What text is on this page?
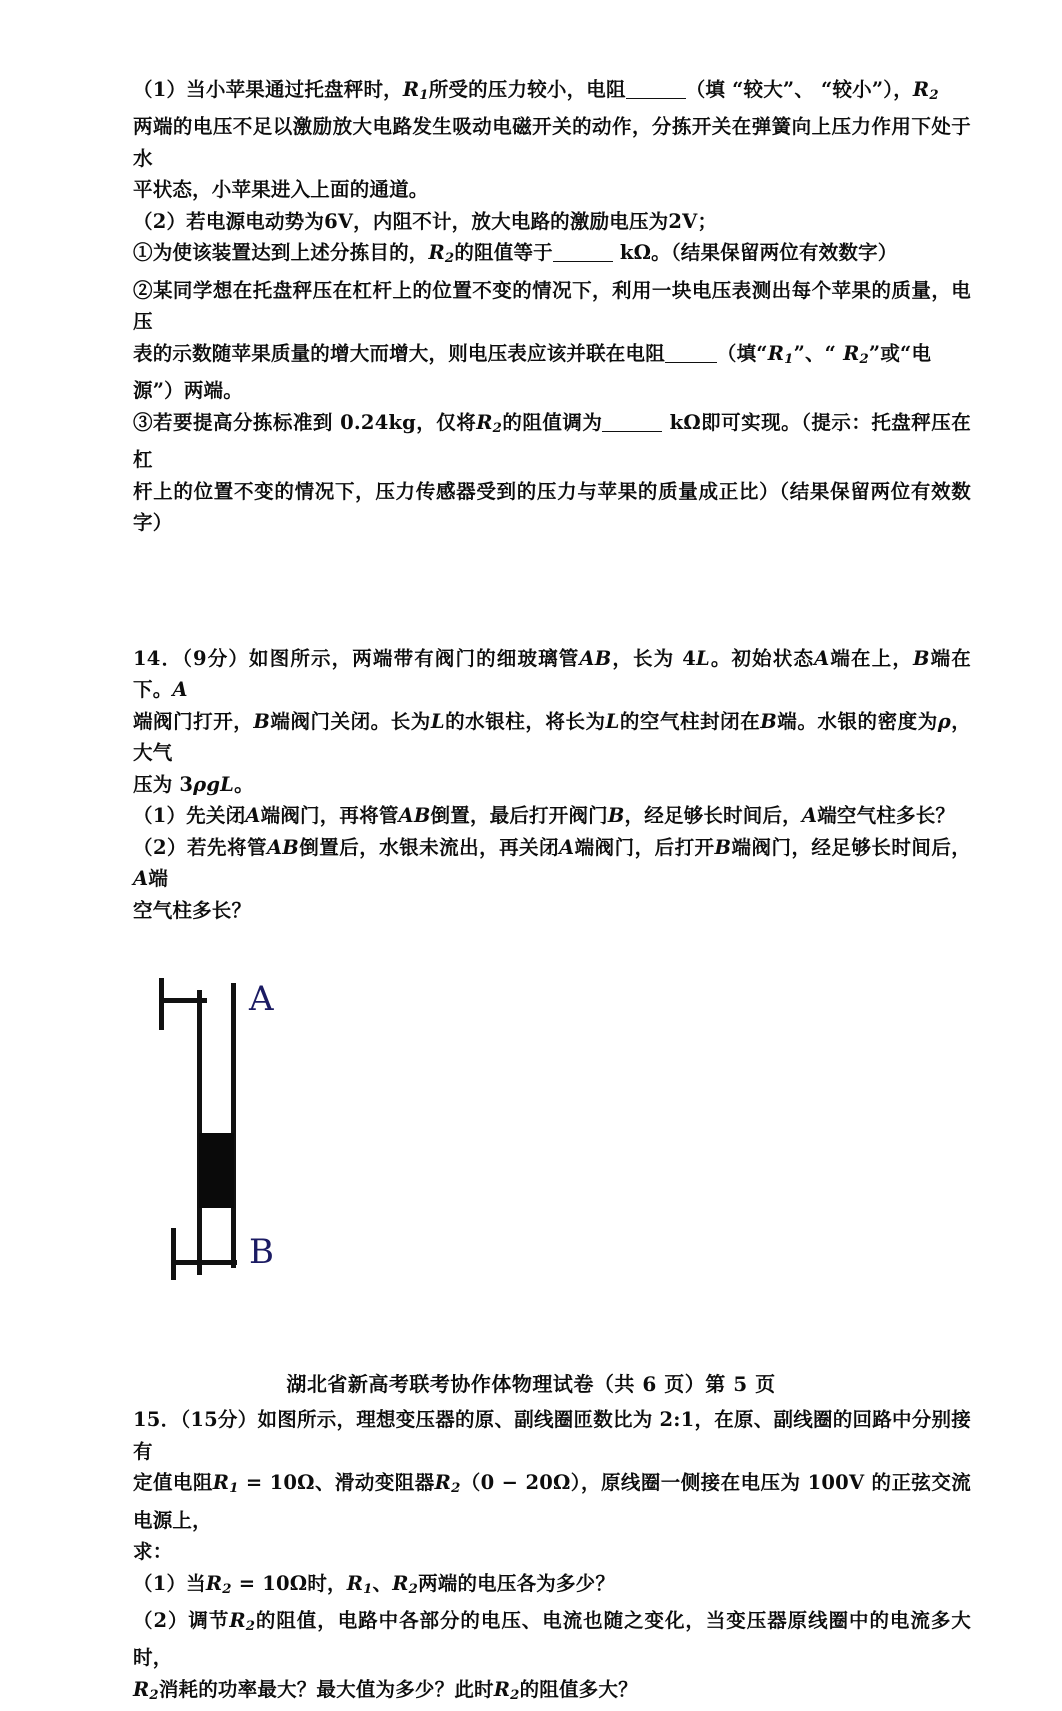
（1）当小苹果通过托盘秤时，$R_1$所受的压力较小，电阻	（填 “较大”、 “较小”），$R_2$

两端的电压不足以激励放大电路发生吸动电磁开关的动作，分拣开关在弹簧向上压力作用下处于水

平状态，小苹果进入上面的通道。

（2）若电源电动势为6V，内阻不计，放大电路的激励电压为2V；

①为使该装置达到上述分拣目的，$R_2$的阻值等于	kΩ。（结果保留两位有效数字）

②某同学想在托盘秤压在杠杆上的位置不变的情况下，利用一块电压表测出每个苹果的质量，电压

表的示数随苹果质量的增大而增大，则电压表应该并联在电阻	（填“$R_1$”、“ $R_2$”或“电

源”）两端。

③若要提高分拣标准到 0.24kg，仅将$R_2$的阻值调为	kΩ即可实现。（提示：托盘秤压在杠

杆上的位置不变的情况下，压力传感器受到的压力与苹果的质量成正比）（结果保留两位有效数字）

14．（9分）如图所示，两端带有阀门的细玻璃管AB，长为 4L。初始状态A端在上，B端在下。A

端阀门打开，B端阀门关闭。长为L的水银柱，将长为L的空气柱封闭在B端。水银的密度为ρ，大气

压为 3ρgL。

（1）先关闭A端阀门，再将管AB倒置，最后打开阀门B，经足够长时间后，A端空气柱多长？

（2）若先将管AB倒置后，水银未流出，再关闭A端阀门，后打开B端阀门，经足够长时间后，A端

空气柱多长？

A
B

15．（15分）如图所示，理想变压器的原、副线圈匝数比为 2:1，在原、副线圈的回路中分别接有

定值电阻$R_1 = 10\Omega$、滑动变阻器$R_2(0 - 20\Omega)$，原线圈一侧接在电压为 100V 的正弦交流电源上，

求：

（1）当$R_2 = 10\Omega$时，$R_1$、$R_2$两端的电压各为多少？

（2）调节$R_2$的阻值，电路中各部分的电压、电流也随之变化，当变压器原线圈中的电流多大时，

$R_2$消耗的功率最大？最大值为多少？此时$R_2$的阻值多大？

湖北省新高考联考协作体物理试卷（共 6 页）第 5 页
